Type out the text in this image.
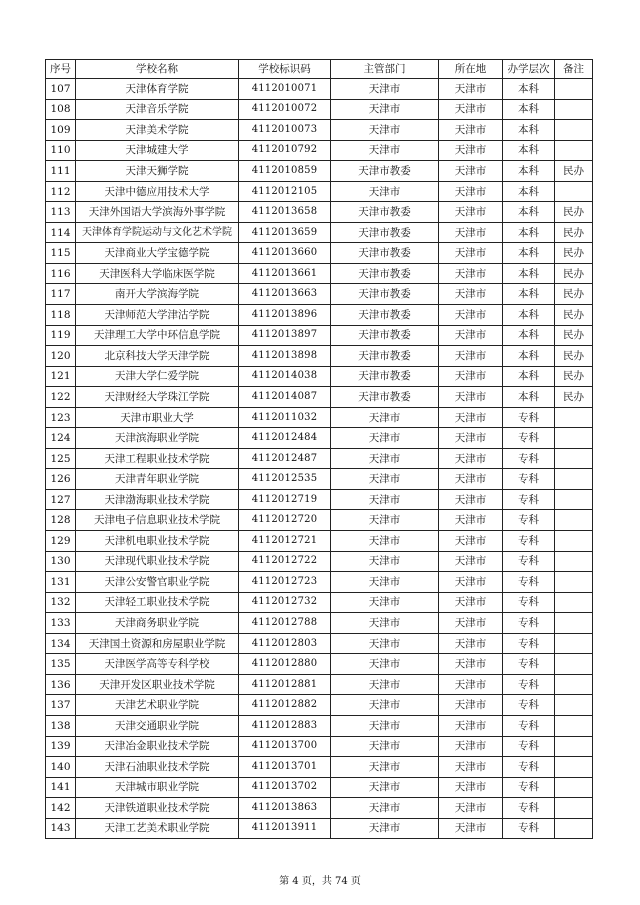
序号	学校名称	学校标识码	主管部门	所在地	办学层次	备注
107	天津体育学院	4112010071	天津市	天津市	本科	
108	天津音乐学院	4112010072	天津市	天津市	本科	
109	天津美术学院	4112010073	天津市	天津市	本科	
110	天津城建大学	4112010792	天津市	天津市	本科	
111	天津天狮学院	4112010859	天津市教委	天津市	本科	民办
112	天津中德应用技术大学	4112012105	天津市	天津市	本科	
113	天津外国语大学滨海外事学院	4112013658	天津市教委	天津市	本科	民办
114	天津体育学院运动与文化艺术学院	4112013659	天津市教委	天津市	本科	民办
115	天津商业大学宝德学院	4112013660	天津市教委	天津市	本科	民办
116	天津医科大学临床医学院	4112013661	天津市教委	天津市	本科	民办
117	南开大学滨海学院	4112013663	天津市教委	天津市	本科	民办
118	天津师范大学津沽学院	4112013896	天津市教委	天津市	本科	民办
119	天津理工大学中环信息学院	4112013897	天津市教委	天津市	本科	民办
120	北京科技大学天津学院	4112013898	天津市教委	天津市	本科	民办
121	天津大学仁爱学院	4112014038	天津市教委	天津市	本科	民办
122	天津财经大学珠江学院	4112014087	天津市教委	天津市	本科	民办
123	天津市职业大学	4112011032	天津市	天津市	专科	
124	天津滨海职业学院	4112012484	天津市	天津市	专科	
125	天津工程职业技术学院	4112012487	天津市	天津市	专科	
126	天津青年职业学院	4112012535	天津市	天津市	专科	
127	天津渤海职业技术学院	4112012719	天津市	天津市	专科	
128	天津电子信息职业技术学院	4112012720	天津市	天津市	专科	
129	天津机电职业技术学院	4112012721	天津市	天津市	专科	
130	天津现代职业技术学院	4112012722	天津市	天津市	专科	
131	天津公安警官职业学院	4112012723	天津市	天津市	专科	
132	天津轻工职业技术学院	4112012732	天津市	天津市	专科	
133	天津商务职业学院	4112012788	天津市	天津市	专科	
134	天津国土资源和房屋职业学院	4112012803	天津市	天津市	专科	
135	天津医学高等专科学校	4112012880	天津市	天津市	专科	
136	天津开发区职业技术学院	4112012881	天津市	天津市	专科	
137	天津艺术职业学院	4112012882	天津市	天津市	专科	
138	天津交通职业学院	4112012883	天津市	天津市	专科	
139	天津冶金职业技术学院	4112013700	天津市	天津市	专科	
140	天津石油职业技术学院	4112013701	天津市	天津市	专科	
141	天津城市职业学院	4112013702	天津市	天津市	专科	
142	天津铁道职业技术学院	4112013863	天津市	天津市	专科	
143	天津工艺美术职业学院	4112013911	天津市	天津市	专科	
第 4 页，共 74 页
